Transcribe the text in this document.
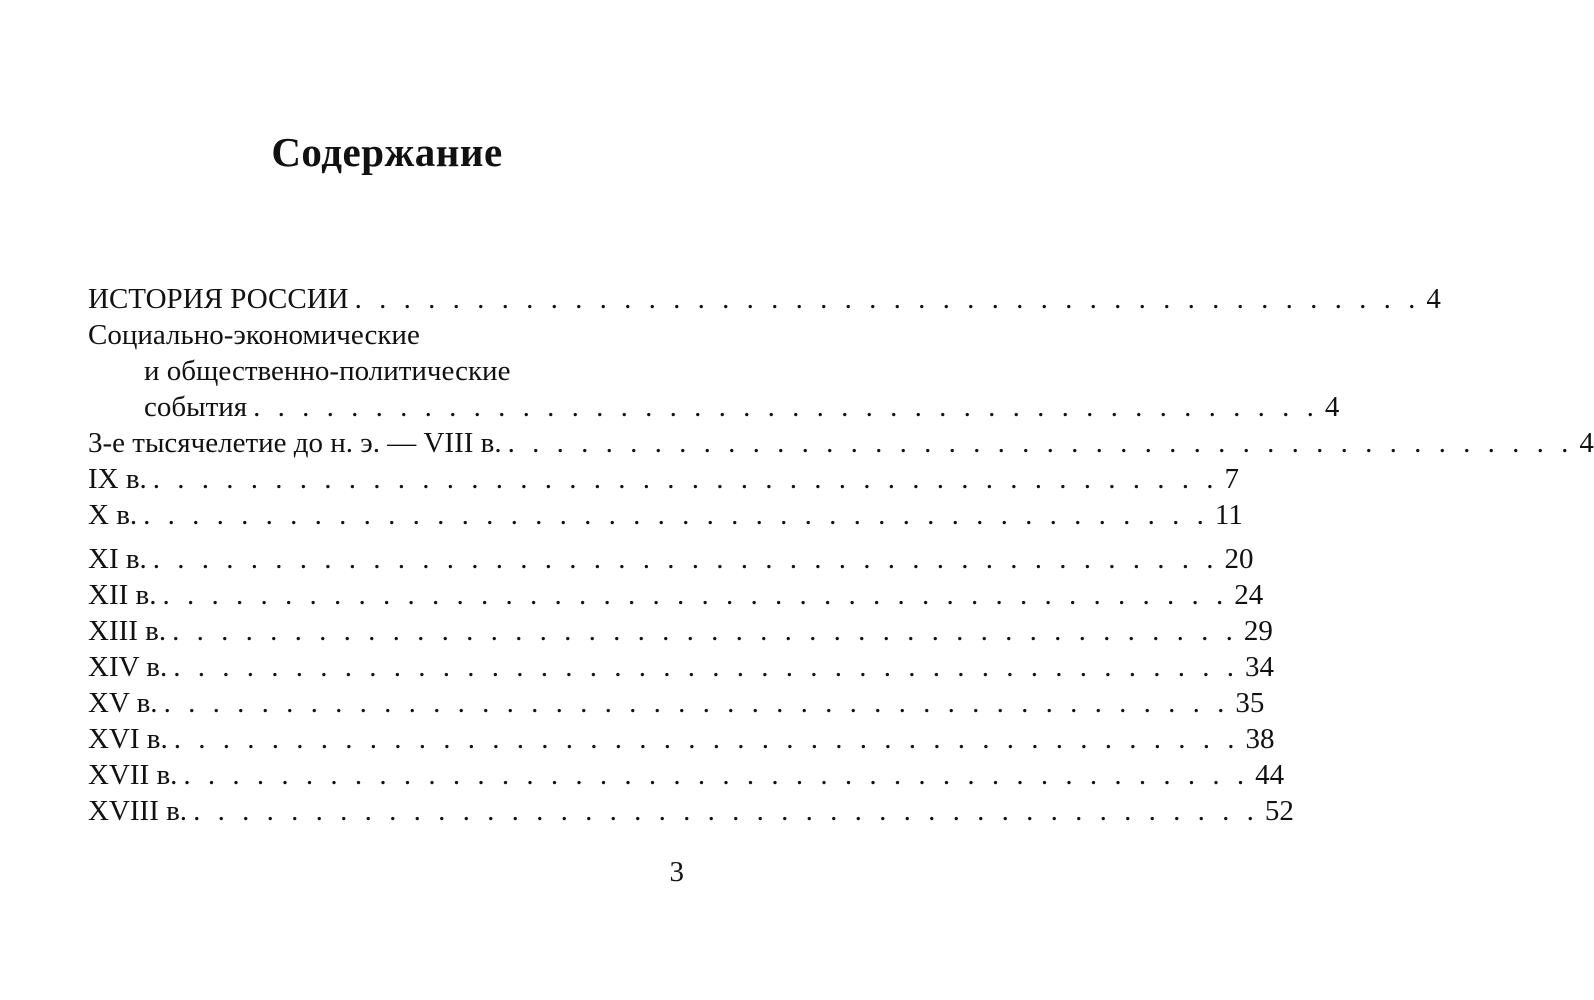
Содержание
ИСТОРИЯ РОССИИ . . . . . . . . . . . . . . . . . . . . . . . . . . . . . . . . . . . . . . . . . . . . 4
Социально-экономические
и общественно-политические
события . . . . . . . . . . . . . . . . . . . . . . . . . . . . . . . . . . . . . . . . . . . . 4
3-е тысячелетие до н. э. — VIII в. . . . . . . . . . . . . . . . . . . . . . . . . . . . . . . . . . . . . . . . . . . . . 4
IX в. . . . . . . . . . . . . . . . . . . . . . . . . . . . . . . . . . . . . . . . . . . . . 7
X в. . . . . . . . . . . . . . . . . . . . . . . . . . . . . . . . . . . . . . . . . . . . . 11
XI в. . . . . . . . . . . . . . . . . . . . . . . . . . . . . . . . . . . . . . . . . . . . . 20
XII в. . . . . . . . . . . . . . . . . . . . . . . . . . . . . . . . . . . . . . . . . . . . . 24
XIII в. . . . . . . . . . . . . . . . . . . . . . . . . . . . . . . . . . . . . . . . . . . . . 29
XIV в. . . . . . . . . . . . . . . . . . . . . . . . . . . . . . . . . . . . . . . . . . . . . 34
XV в. . . . . . . . . . . . . . . . . . . . . . . . . . . . . . . . . . . . . . . . . . . . . 35
XVI в. . . . . . . . . . . . . . . . . . . . . . . . . . . . . . . . . . . . . . . . . . . . . 38
XVII в. . . . . . . . . . . . . . . . . . . . . . . . . . . . . . . . . . . . . . . . . . . . . 44
XVIII в. . . . . . . . . . . . . . . . . . . . . . . . . . . . . . . . . . . . . . . . . . . . . 52
3
